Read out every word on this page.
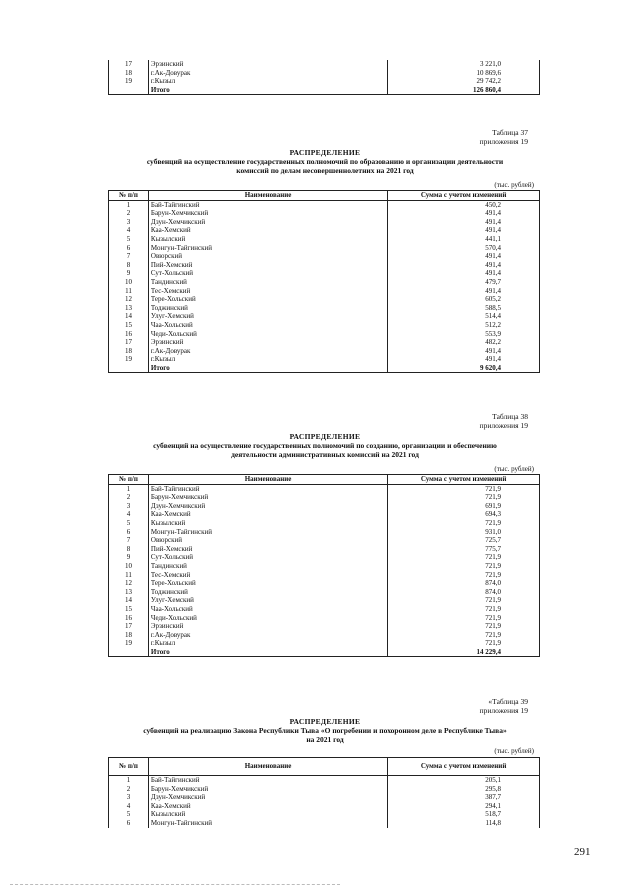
17	Эрзинский	3 221,0
18	г.Ак-Довурак	10 869,6
19	г.Кызыл	29 742,2
	Итого	126 860,4
Таблица 37
приложения 19
РАСПРЕДЕЛЕНИЕ
субвенций на осуществление государственных полномочий по образованию и организации деятельности
комиссий по делам несовершеннолетних на 2021 год
(тыс. рублей)
№ п/п	Наименование	Сумма с учетом изменений
1	Бай-Тайгинский	450,2
2	Барун-Хемчикский	491,4
3	Дзун-Хемчикский	491,4
4	Каа-Хемский	491,4
5	Кызылский	441,1
6	Монгун-Тайгинский	570,4
7	Овюрский	491,4
8	Пий-Хемский	491,4
9	Сут-Хольский	491,4
10	Тандинский	479,7
11	Тес-Хемский	491,4
12	Тере-Хольский	605,2
13	Тоджинский	588,5
14	Улуг-Хемский	514,4
15	Чаа-Хольский	512,2
16	Чеди-Хольский	553,9
17	Эрзинский	482,2
18	г.Ак-Довурак	491,4
19	г.Кызыл	491,4
	Итого	9 620,4
Таблица 38
приложения 19
РАСПРЕДЕЛЕНИЕ
субвенций на осуществление государственных полномочий по созданию, организации и обеспечению
деятельности административных комиссий на 2021 год
(тыс. рублей)
№ п/п	Наименование	Сумма с учетом изменений
1	Бай-Тайгинский	721,9
2	Барун-Хемчикский	721,9
3	Дзун-Хемчикский	691,9
4	Каа-Хемский	694,3
5	Кызылский	721,9
6	Монгун-Тайгинский	931,0
7	Овюрский	725,7
8	Пий-Хемский	775,7
9	Сут-Хольский	721,9
10	Тандинский	721,9
11	Тес-Хемский	721,9
12	Тере-Хольский	874,0
13	Тоджинский	874,0
14	Улуг-Хемский	721,9
15	Чаа-Хольский	721,9
16	Чеди-Хольский	721,9
17	Эрзинский	721,9
18	г.Ак-Довурак	721,9
19	г.Кызыл	721,9
	Итого	14 229,4
«Таблица 39
приложения 19
РАСПРЕДЕЛЕНИЕ
субвенций на реализацию Закона Республики Тыва «О погребении и похоронном деле в Республике Тыва»
на 2021 год
(тыс. рублей)
№ п/п	Наименование	Сумма с учетом изменений
1	Бай-Тайгинский	205,1
2	Барун-Хемчикский	295,8
3	Дзун-Хемчикский	387,7
4	Каа-Хемский	294,1
5	Кызылский	518,7
6	Монгун-Тайгинский	114,8
291
